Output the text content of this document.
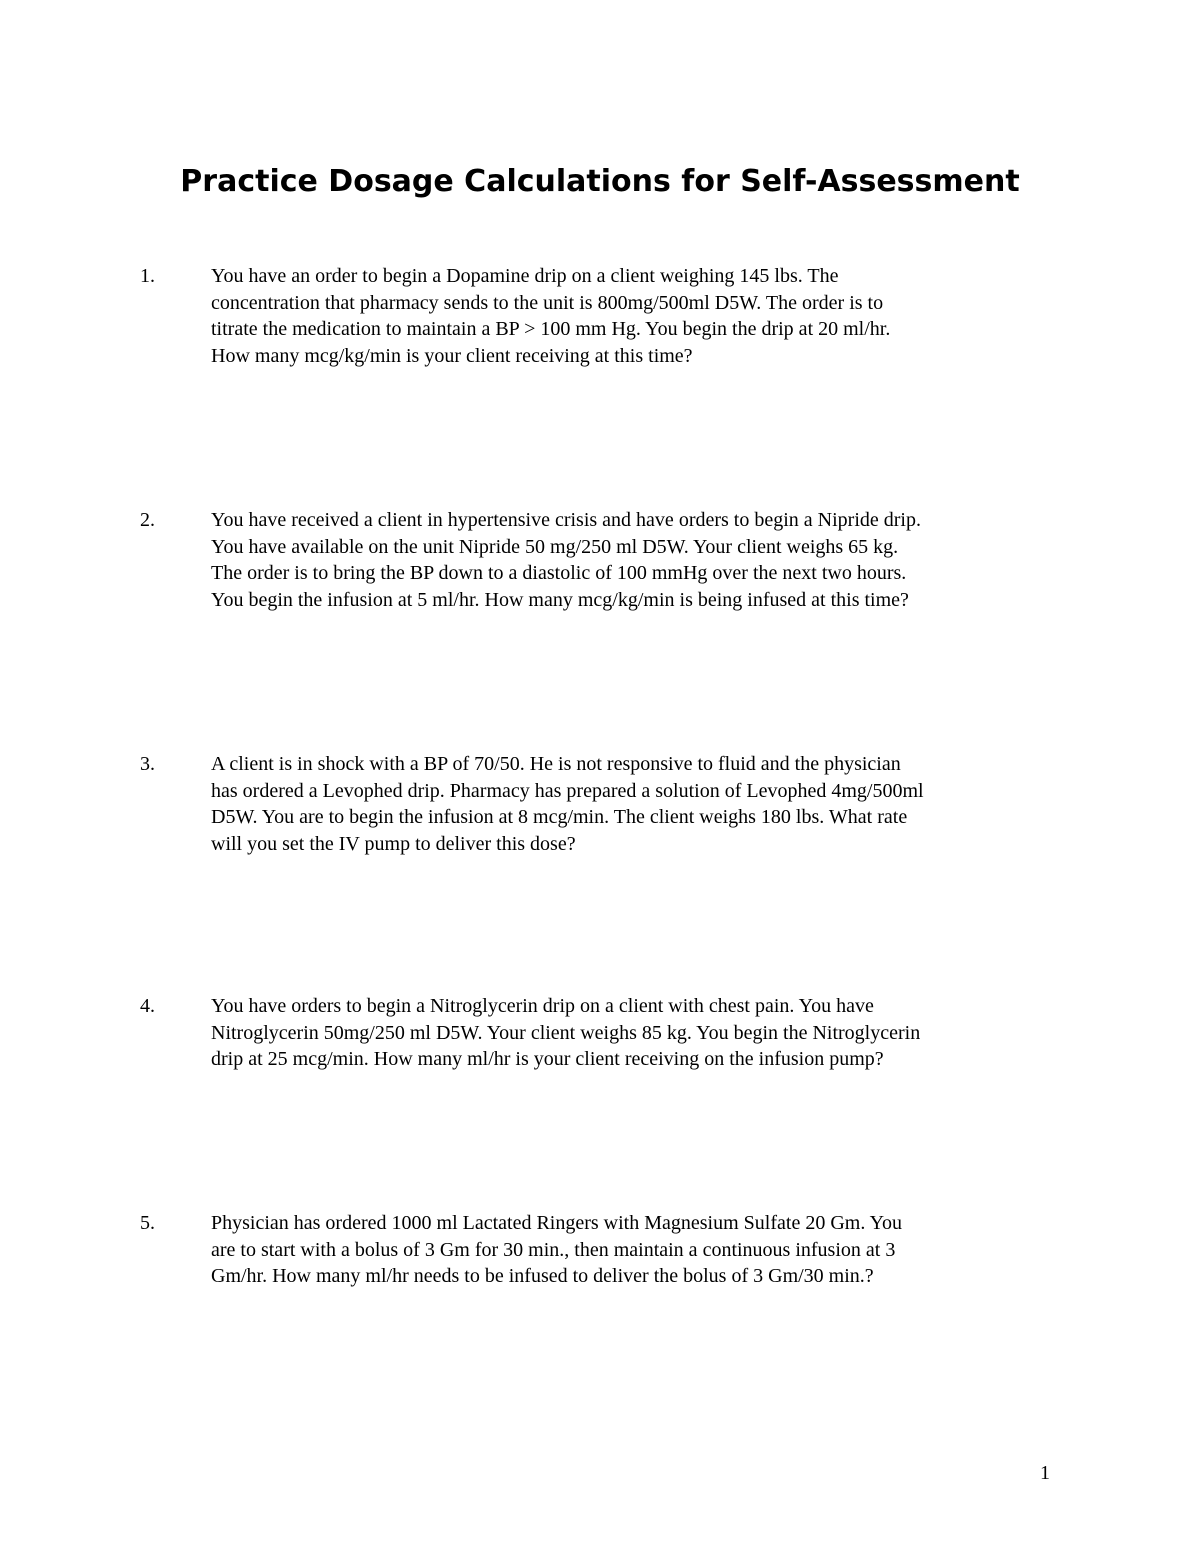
Practice Dosage Calculations for Self-Assessment
1.	You have an order to begin a Dopamine drip on a client weighing 145 lbs. The
concentration that pharmacy sends to the unit is 800mg/500ml D5W. The order is to
titrate the medication to maintain a BP > 100 mm Hg. You begin the drip at 20 ml/hr.
How many mcg/kg/min is your client receiving at this time?

2.	You have received a client in hypertensive crisis and have orders to begin a Nipride drip.
You have available on the unit Nipride 50 mg/250 ml D5W. Your client weighs 65 kg.
The order is to bring the BP down to a diastolic of 100 mmHg over the next two hours.
You begin the infusion at 5 ml/hr. How many mcg/kg/min is being infused at this time?

3.	A client is in shock with a BP of 70/50. He is not responsive to fluid and the physician
has ordered a Levophed drip. Pharmacy has prepared a solution of Levophed 4mg/500ml
D5W. You are to begin the infusion at 8 mcg/min. The client weighs 180 lbs. What rate
will you set the IV pump to deliver this dose?

4.	You have orders to begin a Nitroglycerin drip on a client with chest pain. You have
Nitroglycerin 50mg/250 ml D5W. Your client weighs 85 kg. You begin the Nitroglycerin
drip at 25 mcg/min. How many ml/hr is your client receiving on the infusion pump?

5.	Physician has ordered 1000 ml Lactated Ringers with Magnesium Sulfate 20 Gm. You
are to start with a bolus of 3 Gm for 30 min., then maintain a continuous infusion at 3
Gm/hr. How many ml/hr needs to be infused to deliver the bolus of 3 Gm/30 min.?

1
